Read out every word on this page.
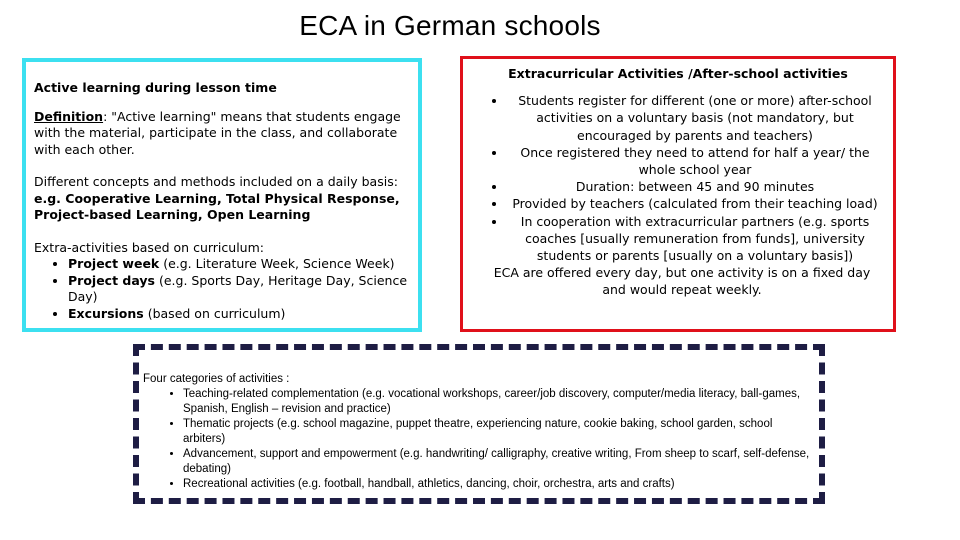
ECA in German schools
Active learning during lesson time

Definition: "Active learning" means that students engage with the material, participate in the class, and collaborate with each other.

Different concepts and methods included on a daily basis:
e.g. Cooperative Learning, Total Physical Response, Project-based Learning, Open Learning

Extra-activities based on curriculum:
• Project week (e.g. Literature Week, Science Week)
• Project days (e.g. Sports Day, Heritage Day, Science Day)
• Excursions (based on curriculum)
Extracurricular Activities /After-school activities
• Students register for different (one or more) after-school activities on a voluntary basis (not mandatory, but encouraged by parents and teachers)
• Once registered they need to attend for half a year/ the whole school year
• Duration: between 45 and 90 minutes
• Provided by teachers (calculated from their teaching load)
• In cooperation with extracurricular partners (e.g. sports coaches [usually remuneration from funds], university students or parents [usually on a voluntary basis])

ECA are offered every day, but one activity is on a fixed day and would repeat weekly.

Four categories of activities :
• Teaching-related complementation (e.g. vocational workshops, career/job discovery, computer/media literacy, ball-games, Spanish, English – revision and practice)
• Thematic projects (e.g. school magazine, puppet theatre, experiencing nature, cookie baking, school garden, school arbiters)
• Advancement, support and empowerment (e.g. handwriting/ calligraphy, creative writing, From sheep to scarf, self-defense, debating)
• Recreational activities (e.g. football, handball, athletics, dancing, choir, orchestra, arts and crafts)
